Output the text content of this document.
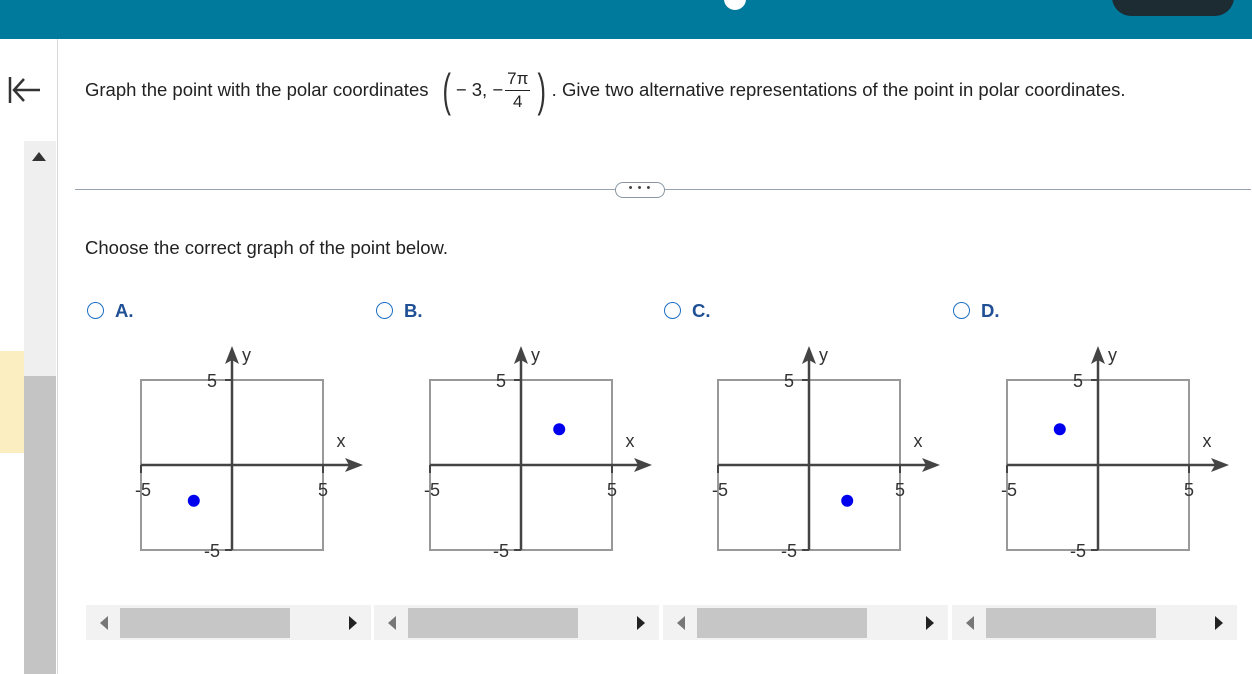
Graph the point with the polar coordinates ( − 3, − $\frac{7\pi}{4}$ ) . Give two alternative representations of the point in polar coordinates.
• • •
Choose the correct graph of the point below.
A.
5
-5
-5	5
x
y
B.
5
-5
-5	5
x
y
C.
5
-5
-5	5
x
y
D.
5
-5
-5	5
x
y
